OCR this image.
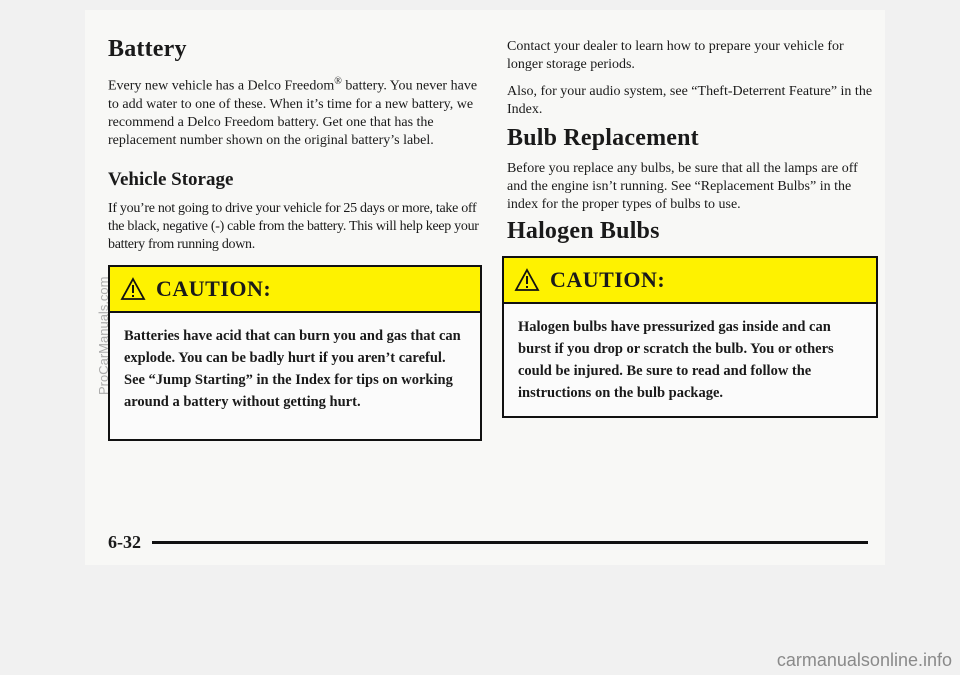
Battery

Every new vehicle has a Delco Freedom® battery. You never have to add water to one of these. When it’s time for a new battery, we recommend a Delco Freedom battery. Get one that has the replacement number shown on the original battery’s label.

Vehicle Storage

If you’re not going to drive your vehicle for 25 days or more, take off the black, negative (-) cable from the battery. This will help keep your battery from running down.

CAUTION:
Batteries have acid that can burn you and gas that can explode. You can be badly hurt if you aren’t careful. See “Jump Starting” in the Index for tips on working around a battery without getting hurt.

Contact your dealer to learn how to prepare your vehicle for longer storage periods.

Also, for your audio system, see “Theft-Deterrent Feature” in the Index.

Bulb Replacement

Before you replace any bulbs, be sure that all the lamps are off and the engine isn’t running. See “Replacement Bulbs” in the index for the proper types of bulbs to use.

Halogen Bulbs
CAUTION:
Halogen bulbs have pressurized gas inside and can burst if you drop or scratch the bulb. You or others could be injured. Be sure to read and follow the instructions on the bulb package.
6-32
ProCarManuals.com
carmanualsonline.info
